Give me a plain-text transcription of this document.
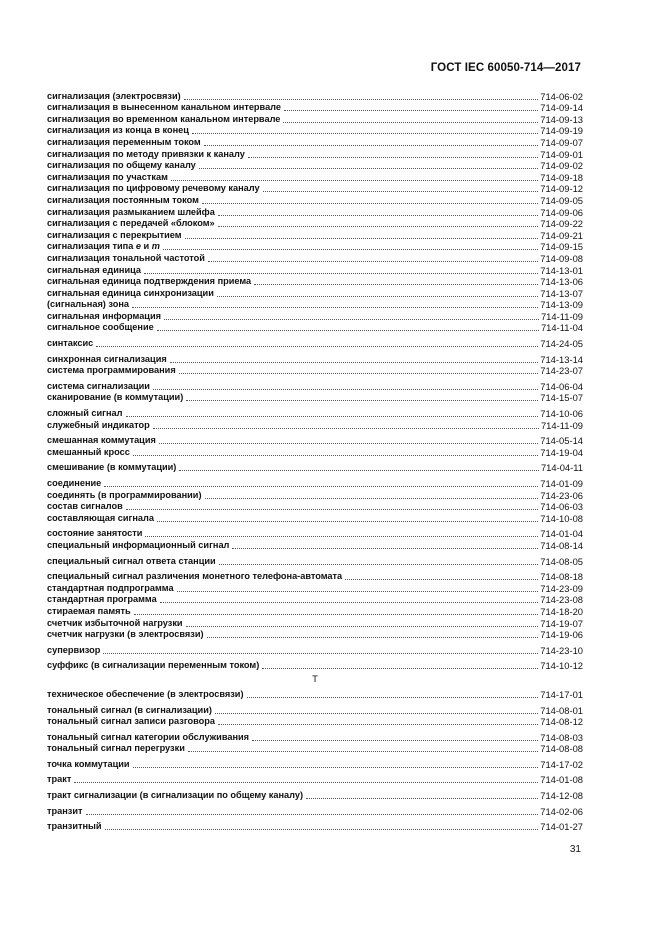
ГОСТ IEC 60050-714—2017
сигнализация (электросвязи)	714-06-02
сигнализация в вынесенном канальном интервале	714-09-14
сигнализация во временном канальном интервале	714-09-13
сигнализация из конца в конец	714-09-19
сигнализация переменным током	714-09-07
сигнализация по методу привязки к каналу	714-09-01
сигнализация по общему каналу	714-09-02
сигнализация по участкам	714-09-18
сигнализация по цифровому речевому каналу	714-09-12
сигнализация постоянным током	714-09-05
сигнализация размыканием шлейфа	714-09-06
сигнализация с передачей «блоком»	714-09-22
сигнализация с перекрытием	714-09-21
сигнализация типа e и m	714-09-15
сигнализация тональной частотой	714-09-08
сигнальная единица	714-13-01
сигнальная единица подтверждения приема	714-13-06
сигнальная единица синхронизации	714-13-07
(сигнальная) зона	714-13-09
сигнальная информация	714-11-09
сигнальное сообщение	714-11-04
синтаксис	714-24-05
синхронная сигнализация	714-13-14
система программирования	714-23-07
система сигнализации	714-06-04
сканирование (в коммутации)	714-15-07
сложный сигнал	714-10-06
служебный индикатор	714-11-09
смешанная коммутация	714-05-14
смешанный кросс	714-19-04
смешивание (в коммутации)	714-04-11
соединение	714-01-09
соединять (в программировании)	714-23-06
состав сигналов	714-06-03
составляющая сигнала	714-10-08
состояние занятости	714-01-04
специальный информационный сигнал	714-08-14
специальный сигнал ответа станции	714-08-05
специальный сигнал различения монетного телефона-автомата	714-08-18
стандартная подпрограмма	714-23-09
стандартная программа	714-23-08
стираемая память	714-18-20
счетчик избыточной нагрузки	714-19-07
счетчик нагрузки (в электросвязи)	714-19-06
супервизор	714-23-10
суффикс (в сигнализации переменным током)	714-10-12
Т
техническое обеспечение (в электросвязи)	714-17-01
тональный сигнал (в сигнализации)	714-08-01
тональный сигнал записи разговора	714-08-12
тональный сигнал категории обслуживания	714-08-03
тональный сигнал перегрузки	714-08-08
точка коммутации	714-17-02
тракт	714-01-08
тракт сигнализации (в сигнализации по общему каналу)	714-12-08
транзит	714-02-06
транзитный	714-01-27
31
